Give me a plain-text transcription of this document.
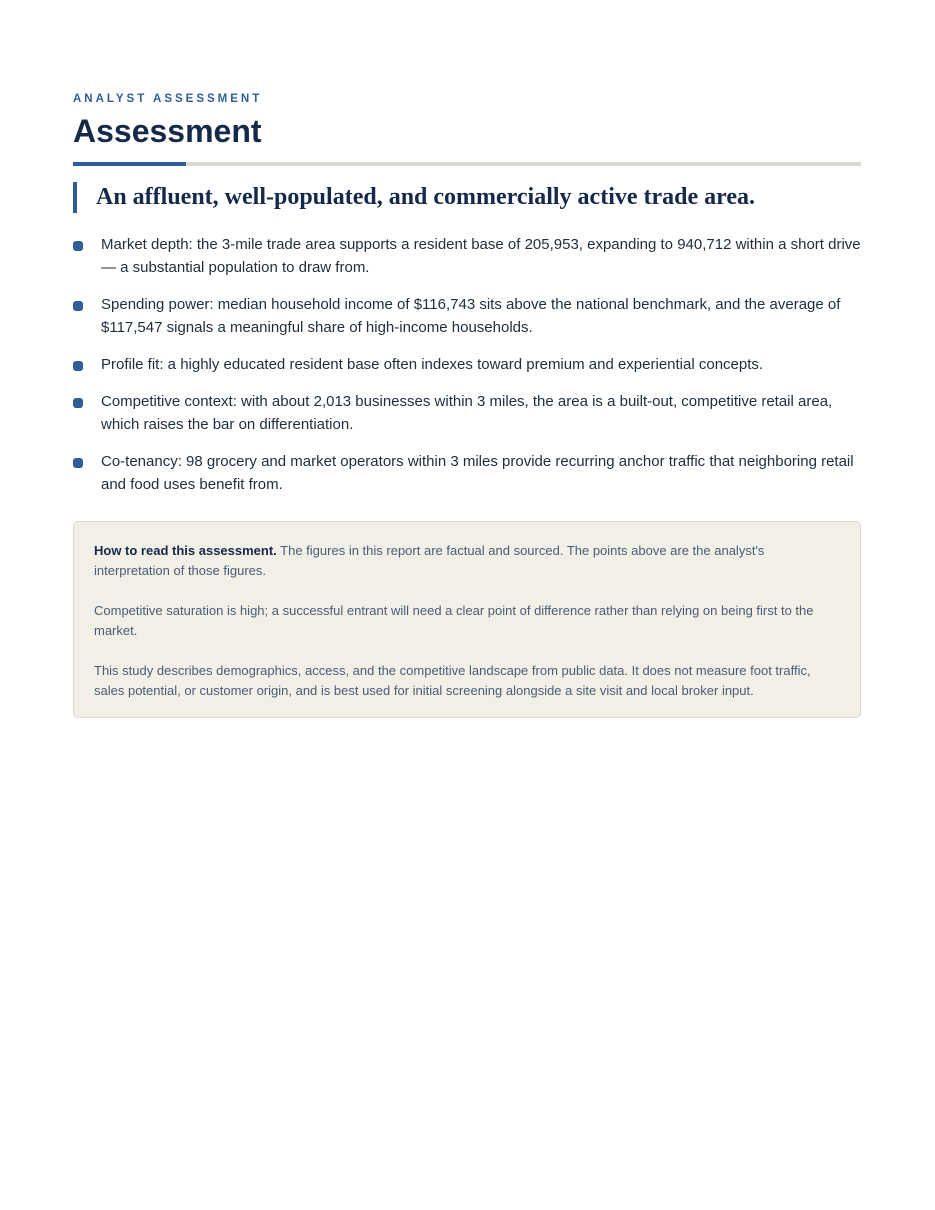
ANALYST ASSESSMENT
Assessment
An affluent, well-populated, and commercially active trade area.
Market depth: the 3-mile trade area supports a resident base of 205,953, expanding to 940,712 within a short drive — a substantial population to draw from.
Spending power: median household income of $116,743 sits above the national benchmark, and the average of $117,547 signals a meaningful share of high-income households.
Profile fit: a highly educated resident base often indexes toward premium and experiential concepts.
Competitive context: with about 2,013 businesses within 3 miles, the area is a built-out, competitive retail area, which raises the bar on differentiation.
Co-tenancy: 98 grocery and market operators within 3 miles provide recurring anchor traffic that neighboring retail and food uses benefit from.

How to read this assessment. The figures in this report are factual and sourced. The points above are the analyst's interpretation of those figures.

Competitive saturation is high; a successful entrant will need a clear point of difference rather than relying on being first to the market.

This study describes demographics, access, and the competitive landscape from public data. It does not measure foot traffic, sales potential, or customer origin, and is best used for initial screening alongside a site visit and local broker input.
